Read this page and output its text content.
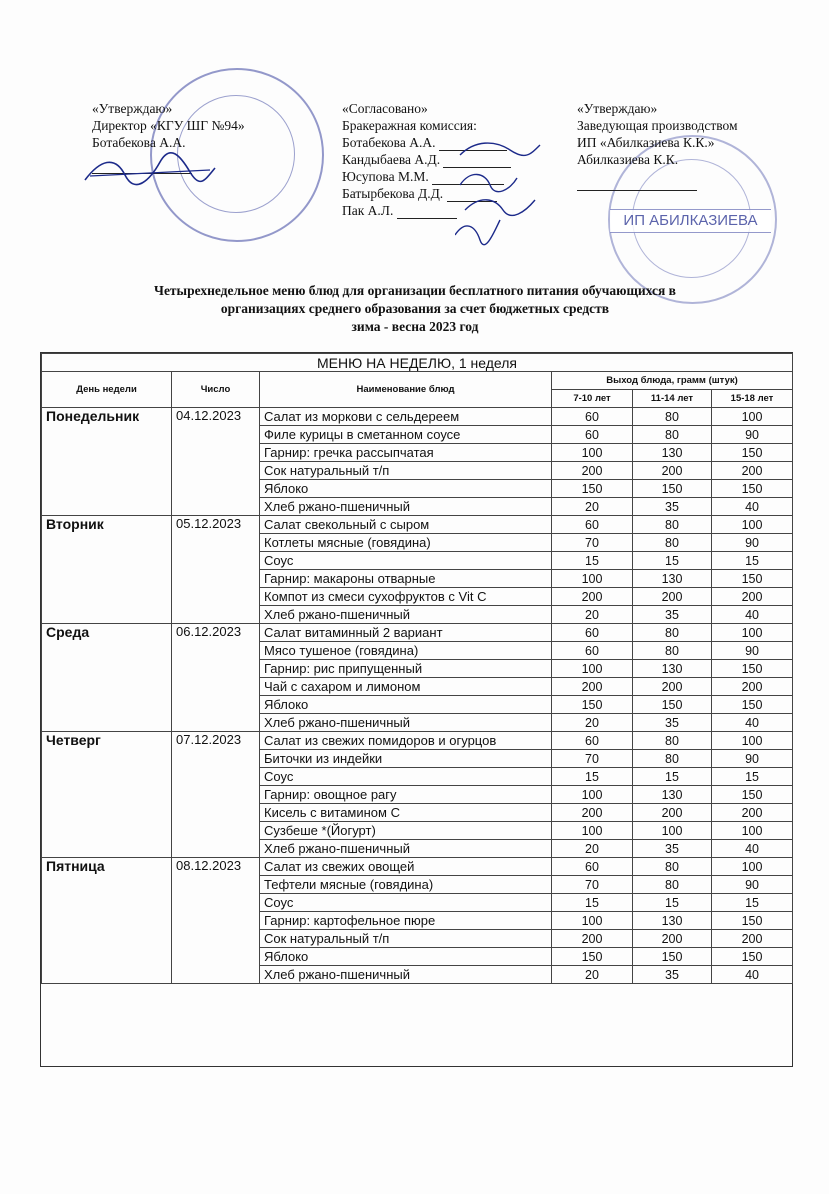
ИП АБИЛКАЗИЕВА
«Утверждаю»
Директор «КГУ ШГ №94»
Ботабекова А.А.
«Согласовано»
Бракеражная комиссия:
Ботабекова А.А.
Кандыбаева А.Д.
Юсупова М.М.
Батырбекова Д.Д.
Пак А.Л.
«Утверждаю»
Заведующая производством
ИП «Абилказиева К.К.»
Абилказиева К.К.
Четырехнедельное меню блюд для организации бесплатного питания обучающихся в
организациях среднего образования за счет бюджетных средств
зима - весна 2023 год
МЕНЮ НА НЕДЕЛЮ, 1 неделя					
День недели	Число	Наименование блюд	Выход блюда, грамм (штук)		
			7-10 лет	11-14 лет	15-18 лет
Понедельник	04.12.2023	Салат из моркови с сельдереем	60	80	100
		Филе курицы в сметанном соусе	60	80	90
		Гарнир: гречка рассыпчатая	100	130	150
		Сок натуральный т/п	200	200	200
		Яблоко	150	150	150
		Хлеб ржано-пшеничный	20	35	40
Вторник	05.12.2023	Салат свекольный с сыром	60	80	100
		Котлеты мясные (говядина)	70	80	90
		Соус	15	15	15
		Гарнир: макароны отварные	100	130	150
		Компот из смеси сухофруктов с Vit C	200	200	200
		Хлеб ржано-пшеничный	20	35	40
Среда	06.12.2023	Салат витаминный 2 вариант	60	80	100
		Мясо тушеное (говядина)	60	80	90
		Гарнир: рис припущенный	100	130	150
		Чай с сахаром и лимоном	200	200	200
		Яблоко	150	150	150
		Хлеб ржано-пшеничный	20	35	40
Четверг	07.12.2023	Салат из свежих помидоров и огурцов	60	80	100
		Биточки из индейки	70	80	90
		Соус	15	15	15
		Гарнир: овощное рагу	100	130	150
		Кисель с витамином С	200	200	200
		Сузбеше *(Йогурт)	100	100	100
		Хлеб ржано-пшеничный	20	35	40
Пятница	08.12.2023	Салат из свежих овощей	60	80	100
		Тефтели мясные (говядина)	70	80	90
		Соус	15	15	15
		Гарнир: картофельное пюре	100	130	150
		Сок натуральный т/п	200	200	200
		Яблоко	150	150	150
		Хлеб ржано-пшеничный	20	35	40
